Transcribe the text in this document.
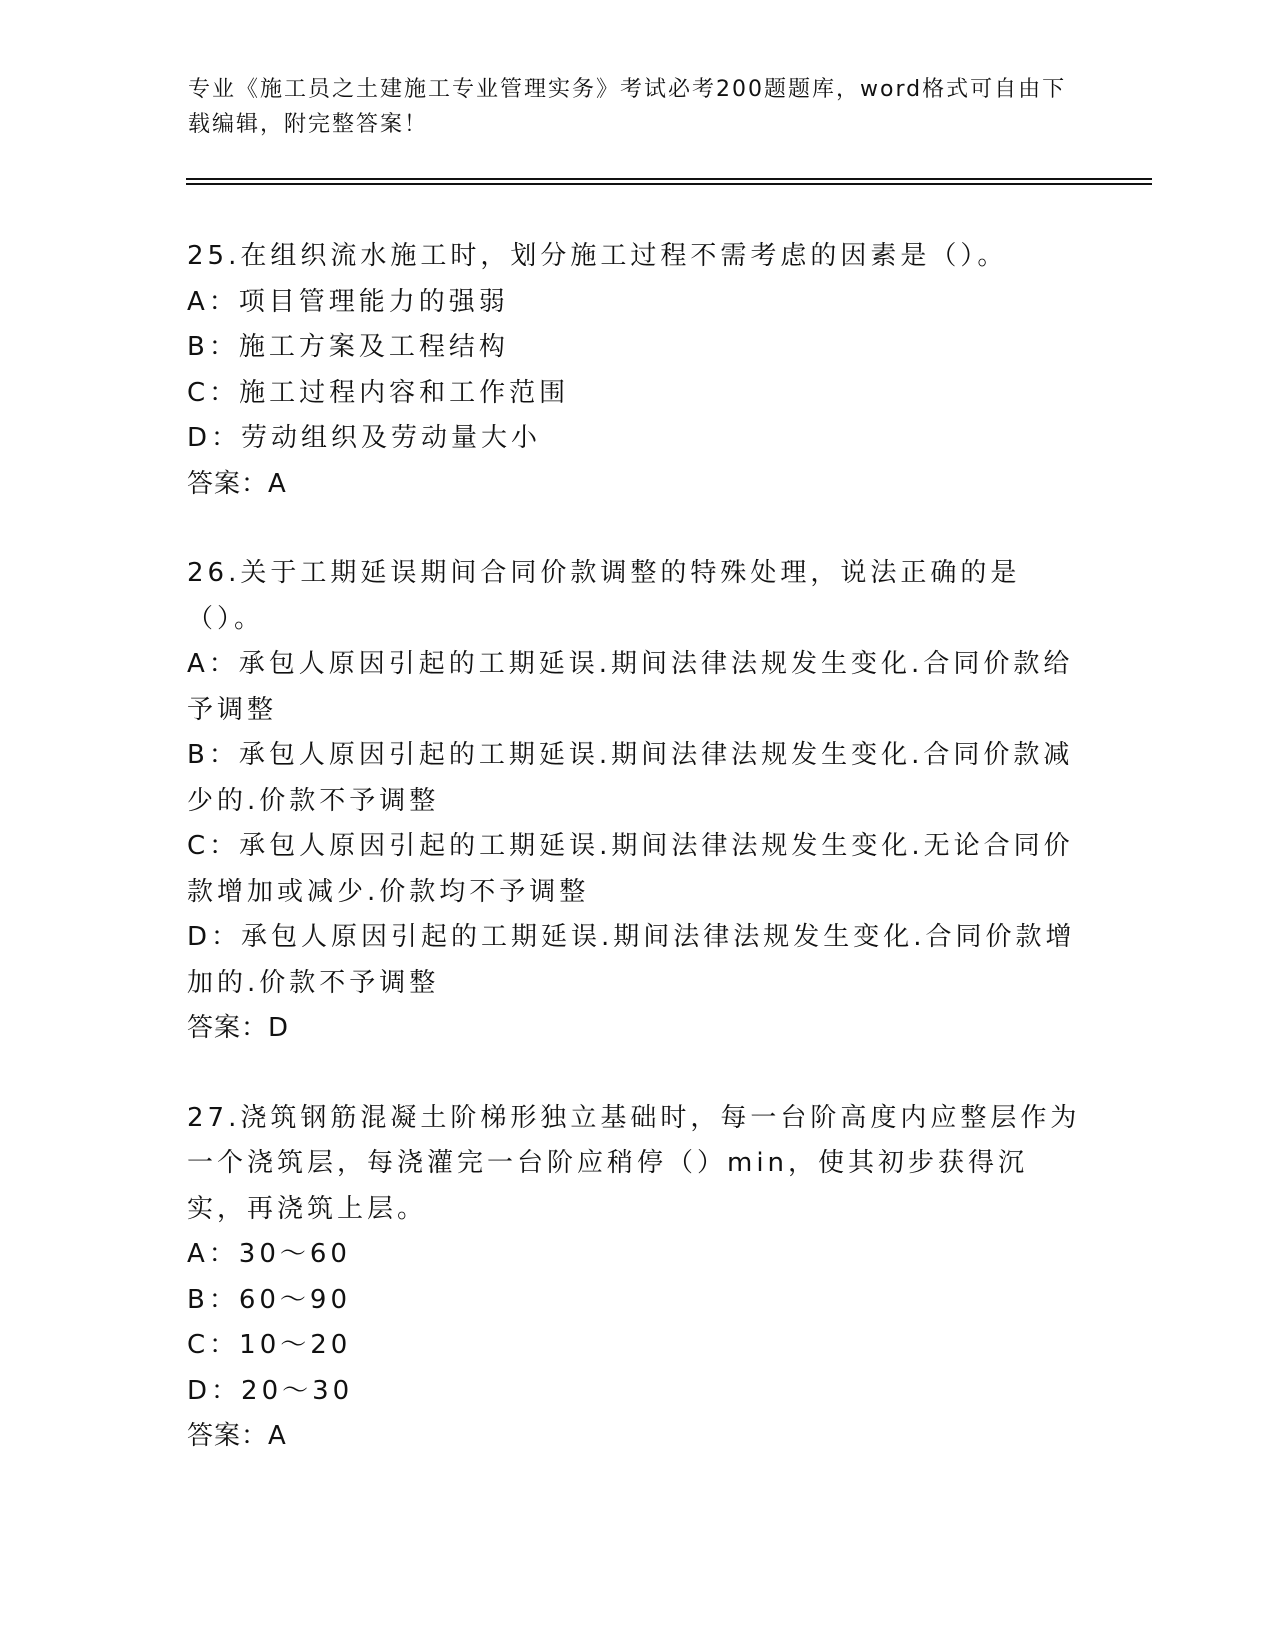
专业《施工员之土建施工专业管理实务》考试必考200题题库，word格式可自由下载编辑，附完整答案！

25.在组织流水施工时，划分施工过程不需考虑的因素是（）。

A：项目管理能力的强弱

B：施工方案及工程结构

C：施工过程内容和工作范围

D：劳动组织及劳动量大小

答案：A

26.关于工期延误期间合同价款调整的特殊处理，说法正确的是（）。

A：承包人原因引起的工期延误.期间法律法规发生变化.合同价款给予调整

B：承包人原因引起的工期延误.期间法律法规发生变化.合同价款减少的.价款不予调整

C：承包人原因引起的工期延误.期间法律法规发生变化.无论合同价款增加或减少.价款均不予调整

D：承包人原因引起的工期延误.期间法律法规发生变化.合同价款增加的.价款不予调整

答案：D

27.浇筑钢筋混凝土阶梯形独立基础时，每一台阶高度内应整层作为一个浇筑层，每浇灌完一台阶应稍停（）min，使其初步获得沉实，再浇筑上层。

A：30～60

B：60～90

C：10～20

D：20～30

答案：A
